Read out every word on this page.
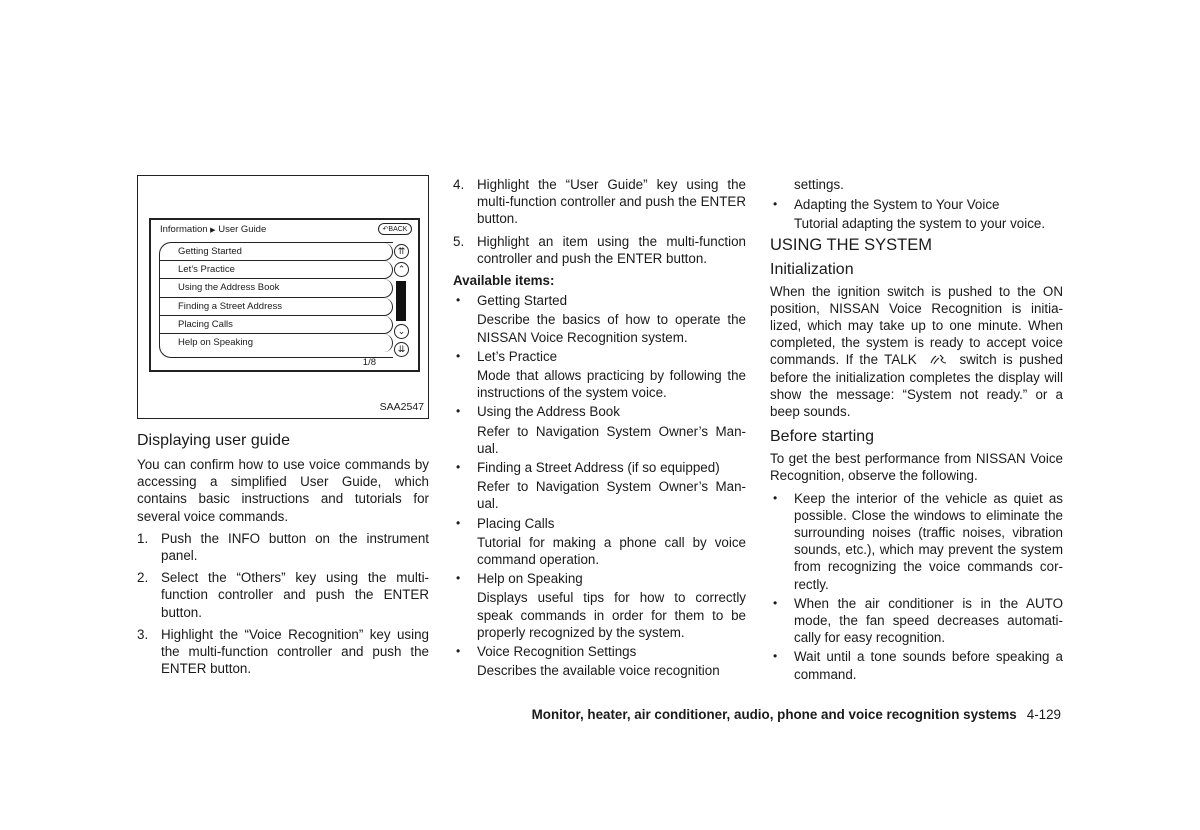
Information ▶ User Guide	↶BACK
Getting Started
Let’s Practice
Using the Address Book
Finding a Street Address
Placing Calls
Help on Speaking
⇈
⌃
⌄
⇊
1/8
SAA2547

Displaying user guide

You can confirm how to use voice commands by accessing a simplified User Guide, which contains basic instructions and tutorials for several voice commands.

1. Push the INFO button on the instrument panel.
2. Select the “Others” key using the multi-function controller and push the ENTER button.
3. Highlight the “Voice Recognition” key using the multi-function controller and push the ENTER button.
4. Highlight the “User Guide” key using the multi-function controller and push the ENTER button.
5. Highlight an item using the multi-function controller and push the ENTER button.

Available items:

• Getting Started

Describe the basics of how to operate the NISSAN Voice Recognition system.

• Let’s Practice

Mode that allows practicing by following the instructions of the system voice.

• Using the Address Book

Refer to Navigation System Owner’s Man-ual.

• Finding a Street Address (if so equipped)

Refer to Navigation System Owner’s Man-ual.

• Placing Calls

Tutorial for making a phone call by voice command operation.

• Help on Speaking

Displays useful tips for how to correctly speak commands in order for them to be properly recognized by the system.

• Voice Recognition Settings

Describes the available voice recognition

settings.

• Adapting the System to Your Voice

Tutorial adapting the system to your voice.

USING THE SYSTEM

Initialization

When the ignition switch is pushed to the ON position, NISSAN Voice Recognition is initia-lized, which may take up to one minute. When completed, the system is ready to accept voice commands. If the TALK	switch is pushed before the initialization completes the display will show the message: “System not ready.” or a beep sounds.

Before starting

To get the best performance from NISSAN Voice Recognition, observe the following.

• Keep the interior of the vehicle as quiet as possible. Close the windows to eliminate the surrounding noises (traffic noises, vibration sounds, etc.), which may prevent the system from recognizing the voice commands cor-rectly.
• When the air conditioner is in the AUTO mode, the fan speed decreases automati-cally for easy recognition.
• Wait until a tone sounds before speaking a command.
Monitor, heater, air conditioner, audio, phone and voice recognition systems 4-129
